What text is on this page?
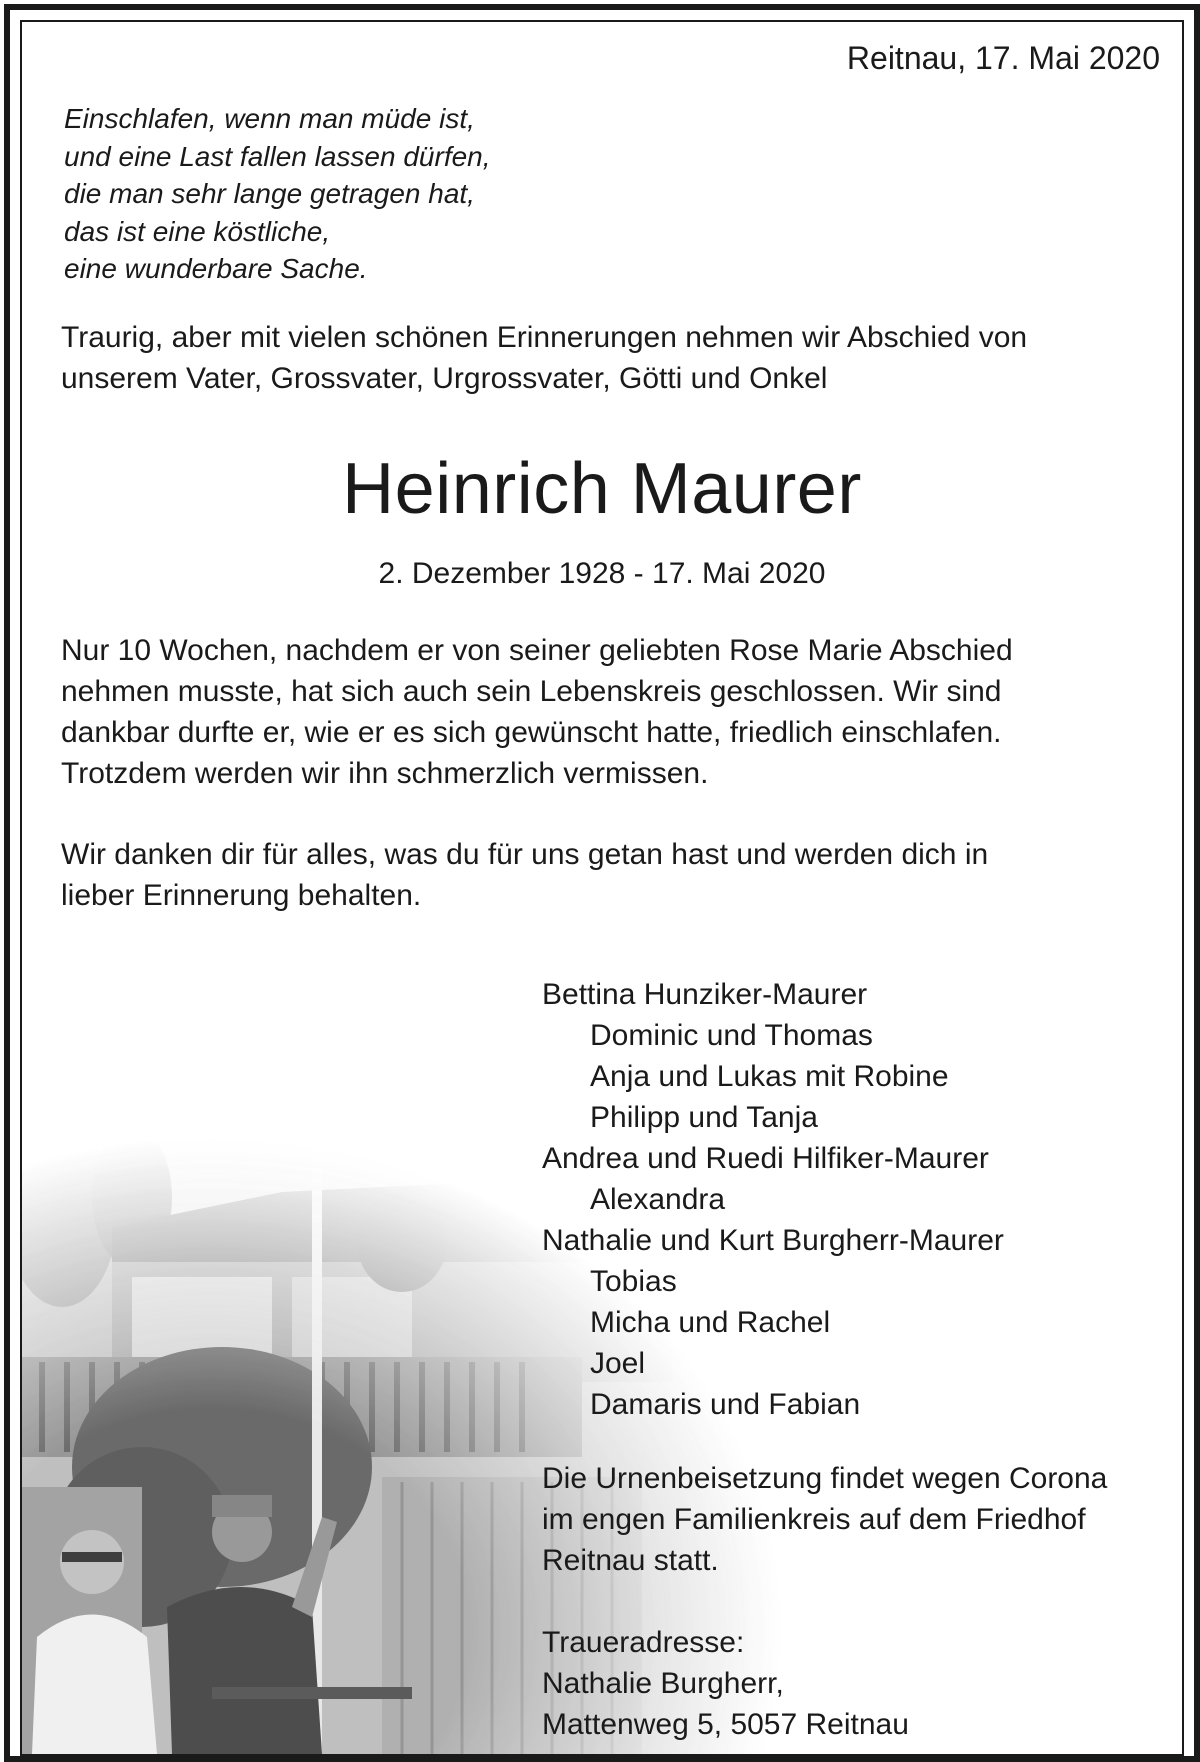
Reitnau, 17. Mai 2020
Einschlafen, wenn man müde ist,
und eine Last fallen lassen dürfen,
die man sehr lange getragen hat,
das ist eine köstliche,
eine wunderbare Sache.
Traurig, aber mit vielen schönen Erinnerungen nehmen wir Abschied von
unserem Vater, Grossvater, Urgrossvater, Götti und Onkel
Heinrich Maurer
2. Dezember 1928 - 17. Mai 2020
Nur 10 Wochen, nachdem er von seiner geliebten Rose Marie Abschied
nehmen musste, hat sich auch sein Lebenskreis geschlossen. Wir sind
dankbar durfte er, wie er es sich gewünscht hatte, friedlich einschlafen.
Trotzdem werden wir ihn schmerzlich vermissen.
Wir danken dir für alles, was du für uns getan hast und werden dich in
lieber Erinnerung behalten.
Bettina Hunziker-Maurer
Dominic und Thomas
Anja und Lukas mit Robine
Philipp und Tanja
Andrea und Ruedi Hilfiker-Maurer
Alexandra
Nathalie und Kurt Burgherr-Maurer
Tobias
Micha und Rachel
Joel
Damaris und Fabian
Die Urnenbeisetzung findet wegen Corona
im engen Familienkreis auf dem Friedhof
Reitnau statt.
Traueradresse:
Nathalie Burgherr,
Mattenweg 5, 5057 Reitnau
